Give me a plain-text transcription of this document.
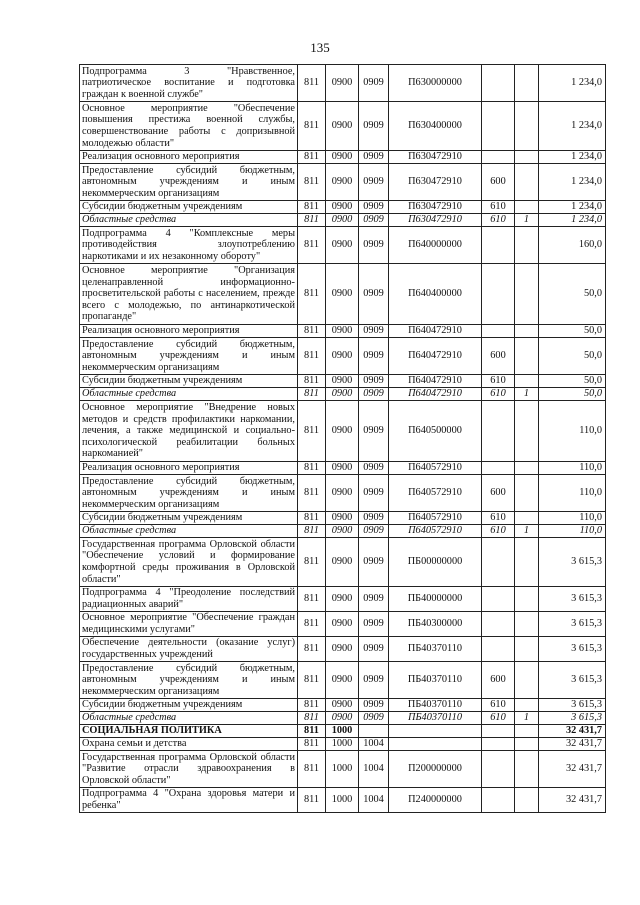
135
Подпрограмма 3 "Нравственное, патриотическое воспитание и подготовка граждан к военной службе"	811	0900	0909	П630000000			1 234,0
Основное мероприятие "Обеспечение повышения престижа военной службы, совершенствование работы с допризывной молодежью области"	811	0900	0909	П630400000			1 234,0
Реализация основного мероприятия	811	0900	0909	П630472910			1 234,0
Предоставление субсидий бюджетным, автономным учреждениям и иным некоммерческим организациям	811	0900	0909	П630472910	600		1 234,0
Субсидии бюджетным учреждениям	811	0900	0909	П630472910	610		1 234,0
Областные средства	811	0900	0909	П630472910	610	1	1 234,0
Подпрограмма 4 "Комплексные меры противодействия злоупотреблению наркотиками и их незаконному обороту"	811	0900	0909	П640000000			160,0
Основное мероприятие "Организация целенаправленной информационно-просветительской работы с населением, прежде всего с молодежью, по антинаркотической пропаганде"	811	0900	0909	П640400000			50,0
Реализация основного мероприятия	811	0900	0909	П640472910			50,0
Предоставление субсидий бюджетным, автономным учреждениям и иным некоммерческим организациям	811	0900	0909	П640472910	600		50,0
Субсидии бюджетным учреждениям	811	0900	0909	П640472910	610		50,0
Областные средства	811	0900	0909	П640472910	610	1	50,0
Основное мероприятие "Внедрение новых методов и средств профилактики наркомании, лечения, а также медицинской и социально-психологической реабилитации больных наркоманией"	811	0900	0909	П640500000			110,0
Реализация основного мероприятия	811	0900	0909	П640572910			110,0
Предоставление субсидий бюджетным, автономным учреждениям и иным некоммерческим организациям	811	0900	0909	П640572910	600		110,0
Субсидии бюджетным учреждениям	811	0900	0909	П640572910	610		110,0
Областные средства	811	0900	0909	П640572910	610	1	110,0
Государственная программа Орловской области "Обеспечение условий и формирование комфортной среды проживания в Орловской области"	811	0900	0909	ПБ00000000			3 615,3
Подпрограмма 4 "Преодоление последствий радиационных аварий"	811	0900	0909	ПБ40000000			3 615,3
Основное мероприятие "Обеспечение граждан медицинскими услугами"	811	0900	0909	ПБ40300000			3 615,3
Обеспечение деятельности (оказание услуг) государственных учреждений	811	0900	0909	ПБ40370110			3 615,3
Предоставление субсидий бюджетным, автономным учреждениям и иным некоммерческим организациям	811	0900	0909	ПБ40370110	600		3 615,3
Субсидии бюджетным учреждениям	811	0900	0909	ПБ40370110	610		3 615,3
Областные средства	811	0900	0909	ПБ40370110	610	1	3 615,3
СОЦИАЛЬНАЯ ПОЛИТИКА	811	1000					32 431,7
Охрана семьи и детства	811	1000	1004				32 431,7
Государственная программа Орловской области "Развитие отрасли здравоохранения в Орловской области"	811	1000	1004	П200000000			32 431,7
Подпрограмма 4 "Охрана здоровья матери и ребенка"	811	1000	1004	П240000000			32 431,7
